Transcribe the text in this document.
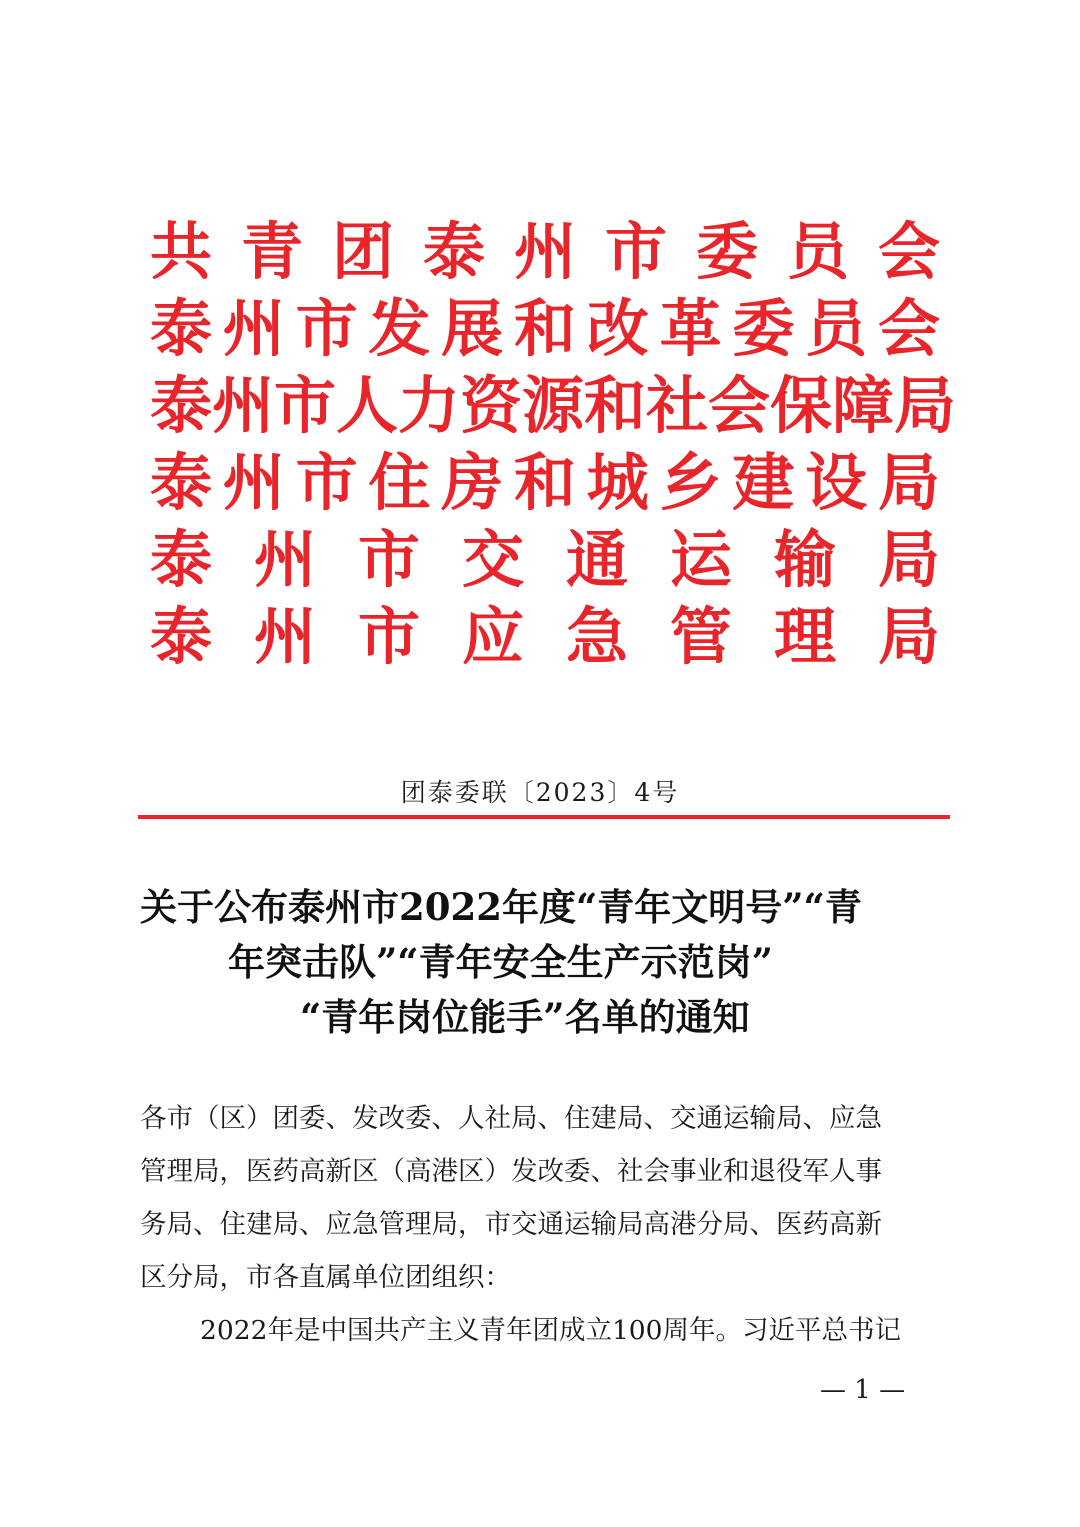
共 青 团 泰 州 市 委 员 会
泰 州 市 发 展 和 改 革 委 员 会
泰 州 市 人 力 资 源 和 社 会 保 障 局
泰 州 市 住 房 和 城 乡 建 设 局
泰 州 市 交 通 运 输 局
泰 州 市 应 急 管 理 局
团泰委联〔2023〕4号
关于公布泰州市2022年度“青年文明号”“青
年突击队”“青年安全生产示范岗”
“青年岗位能手”名单的通知

各市（区）团委、发改委、人社局、住建局、交通运输局、应急

管理局，医药高新区（高港区）发改委、社会事业和退役军人事

务局、住建局、应急管理局，市交通运输局高港分局、医药高新

区分局，市各直属单位团组织：

2022年是中国共产主义青年团成立100周年。习近平总书记

— 1 —
